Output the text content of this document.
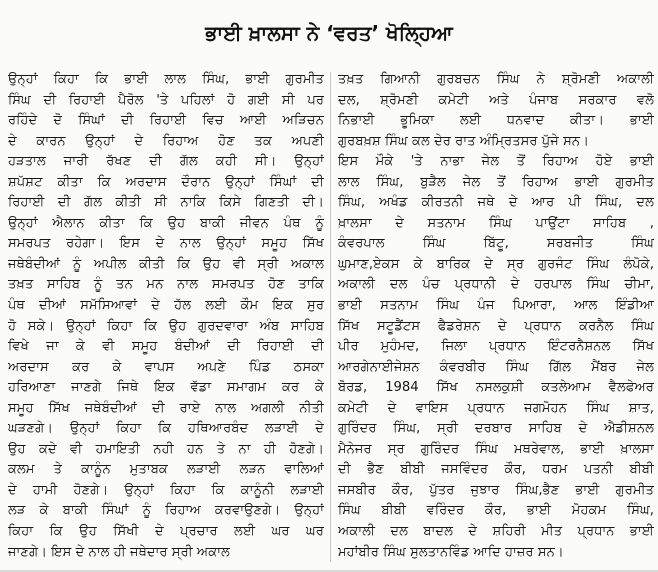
ਭਾਈ ਖ਼ਾਲਸਾ ਨੇ ‘ਵਰਤ’ ਖੋਲ੍ਹਿਆ
ਉਨ੍ਹਾਂ ਕਿਹਾ ਕਿ ਭਾਈ ਲਾਲ ਸਿੰਘ, ਭਾਈ ਗੁਰਮੀਤ
ਸਿੰਘ ਦੀ ਰਿਹਾਈ ਪੈਰੋਲ 'ਤੇ ਪਹਿਲਾਂ ਹੋ ਗਈ ਸੀ ਪਰ
ਰਹਿੰਦੇ ਦੋ ਸਿੰਘਾਂ ਦੀ ਰਿਹਾਈ ਵਿਚ ਆਈ ਅੜਿਚਨ
ਦੇ ਕਾਰਨ ਉਨ੍ਹਾਂ ਦੇ ਰਿਹਾਅ ਹੋਣ ਤਕ ਅਪਣੀ
ਹੜਤਾਲ ਜਾਰੀ ਰੱਖਣ ਦੀ ਗੱਲ ਕਹੀ ਸੀ। ਉਨ੍ਹਾਂ
ਸ਼ਪੱਸ਼ਟ ਕੀਤਾ ਕਿ ਅਰਦਾਸ ਦੌਰਾਨ ਉਨ੍ਹਾਂ ਸਿੰਘਾਂ ਦੀ
ਰਿਹਾਈ ਦੀ ਗੱਲ ਕੀਤੀ ਸੀ ਨਾਕਿ ਕਿਸੇ ਗਿਣਤੀ ਦੀ।
ਉਨ੍ਹਾਂ ਐਲਾਨ ਕੀਤਾ ਕਿ ਉਹ ਬਾਕੀ ਜੀਵਨ ਪੰਥ ਨੂੰ
ਸਮਰਪਤ ਰਹੇਗਾ। ਇਸ ਦੇ ਨਾਲ ਉਨ੍ਹਾਂ ਸਮੂਹ ਸਿੱਖ
ਜਥੇਬੰਦੀਆਂ ਨੂੰ ਅਪੀਲ ਕੀਤੀ ਕਿ ਉਹ ਵੀ ਸ੍ਰੀ ਅਕਾਲ
ਤਖ਼ਤ ਸਾਹਿਬ ਨੂੰ ਤਨ ਮਨ ਨਾਲ ਸਮਰਪਤ ਹੋਣ ਤਾਕਿ
ਪੰਥ ਦੀਆਂ ਸਮੱਸਿਆਵਾਂ ਦੇ ਹੱਲ ਲਈ ਕੌਮ ਇਕ ਸੁਰ
ਹੋ ਸਕੇ। ਉਨ੍ਹਾਂ ਕਿਹਾ ਕਿ ਉਹ ਗੁਰਦਵਾਰਾ ਅੰਬ ਸਾਹਿਬ
ਵਿਖੇ ਜਾ ਕੇ ਵੀ ਸਮੂਹ ਬੰਦੀਆਂ ਦੀ ਰਿਹਾਈ ਦੀ
ਅਰਦਾਸ ਕਰ ਕੇ ਵਾਪਸ ਅਪਣੇ ਪਿੰਡ ਠਸਕਾ
ਹਰਿਆਣਾ ਜਾਣਗੇ ਜਿਥੇ ਇਕ ਵੱਡਾ ਸਮਾਗਮ ਕਰ ਕੇ
ਸਮੂਹ ਸਿੱਖ ਜਥੇਬੰਦੀਆਂ ਦੀ ਰਾਏ ਨਾਲ ਅਗਲੀ ਨੀਤੀ
ਘੜਣਗੇ। ਉਨ੍ਹਾਂ ਕਿਹਾ ਕਿ ਹਥਿਆਰਬੰਦ ਲੜਾਈ ਦੇ
ਉਹ ਕਦੇ ਵੀ ਹਮਾਇਤੀ ਨਹੀ ਹਨ ਤੇ ਨਾ ਹੀ ਹੋਣਗੇ।
ਕਲਮ ਤੇ ਕਾਨੂੰਨ ਮੁਤਾਬਕ ਲੜਾਈ ਲੜਨ ਵਾਲਿਆਂ
ਦੇ ਹਾਮੀ ਹੋਣਗੇ। ਉਨ੍ਹਾਂ ਕਿਹਾ ਕਿ ਕਾਨੂੰਨੀ ਲੜਾਈ
ਲੜ ਕੇ ਬਾਕੀ ਸਿੰਘਾਂ ਨੂੰ ਰਿਹਾਅ ਕਰਵਾਉਣਗੇ। ਉਨ੍ਹਾਂ
ਕਿਹਾ ਕਿ ਉਹ ਸਿੱਖੀ ਦੇ ਪ੍ਰਚਾਰ ਲਈ ਘਰ ਘਰ
ਜਾਣਗੇ। ਇਸ ਦੇ ਨਾਲ ਹੀ ਜਥੇਦਾਰ ਸ੍ਰੀ ਅਕਾਲ
ਤਖ਼ਤ ਗਿਆਨੀ ਗੁਰਬਚਨ ਸਿੰਘ ਨੇ ਸ਼੍ਰੋਮਣੀ ਅਕਾਲੀ
ਦਲ, ਸ਼੍ਰੋਮਣੀ ਕਮੇਟੀ ਅਤੇ ਪੰਜਾਬ ਸਰਕਾਰ ਵਲੋ
ਨਿਭਾਈ ਭੂਮਿਕਾ ਲਈ ਧਨਵਾਦ ਕੀਤਾ। ਭਾਈ
ਗੁਰਬਖ਼ਸ਼ ਸਿੰਘ ਕਲ ਦੇਰ ਰਾਤ ਅੰਮ੍ਰਿਤਸਰ ਪੁੱਜੇ ਸਨ।
ਇਸ ਮੌਕੇ 'ਤੇ ਨਾਭਾ ਜੇਲ ਤੋਂ ਰਿਹਾਅ ਹੋਏ ਭਾਈ
ਲਾਲ ਸਿੰਘ, ਬੁੜੈਲ ਜੇਲ ਤੋਂ ਰਿਹਾਅ ਭਾਈ ਗੁਰਮੀਤ
ਸਿੰਘ, ਅਖੰਡ ਕੀਰਤਨੀ ਜਥੇ ਦੇ ਆਰ ਪੀ ਸਿੰਘ, ਦਲ
ਖ਼ਾਲਸਾ ਦੇ ਸਤਨਾਮ ਸਿੰਘ ਪਾਉਂਟਾ ਸਾਹਿਬ ,
ਕੰਵਰਪਾਲ ਸਿੰਘ ਬਿੱਟੂ, ਸਰਬਜੀਤ ਸਿੰਘ
ਘੁਮਾਣ,ਏਕਸ ਕੇ ਬਾਰਿਕ ਦੇ ਸ੍ਰ ਗੁਰਜੰਟ ਸਿੰਘ ਲੰਪੋਕੇ,
ਅਕਾਲੀ ਦਲ ਪੰਚ ਪ੍ਰਧਾਨੀ ਦੇ ਹਰਪਾਲ ਸਿੰਘ ਚੀਮਾ,
ਭਾਈ ਸਤਨਾਮ ਸਿੰਘ ਪੰਜ ਪਿਆਰਾ, ਆਲ ਇੰਡੀਆ
ਸਿੱਖ ਸਟੂਡੈਂਟਸ ਫੈਡਰੇਸ਼ਨ ਦੇ ਪ੍ਰਧਾਨ ਕਰਨੈਲ ਸਿੰਘ
ਪੀਰ ਮੁਹੰਮਦ, ਜਿਲਾ ਪ੍ਰਧਾਨ ਇੰਟਰਨੈਸ਼ਨਲ ਸਿੱਖ
ਆਰਗੇਨਾਈਜੇਸ਼ਨ ਕੰਵਰਬੀਰ ਸਿੰਘ ਗਿੱਲ ਮੈਂਬਰ ਜੇਲ
ਬੋਰਡ, 1984 ਸਿੱਖ ਨਸਲਕੁਸ਼ੀ ਕਤਲੇਆਮ ਵੈਲਫੇਅਰ
ਕਮੇਟੀ ਦੇ ਵਾਇਸ ਪ੍ਰਧਾਨ ਜਗਮੋਹਨ ਸਿੰਘ ਸ਼ਾਤ,
ਗੁਰਿੰਦਰ ਸਿੰਘ, ਸ੍ਰੀ ਦਰਬਾਰ ਸਾਹਿਬ ਦੇ ਐਡੀਸ਼ਨਲ
ਮੈਨੇਜਰ ਸ੍ਰ ਗੁਰਿੰਦਰ ਸਿੰਘ ਮਥਰੇਵਾਲ, ਭਾਈ ਖ਼ਾਲਸਾ
ਦੀ ਭੈਣ ਬੀਬੀ ਜਸਵਿੰਦਰ ਕੌਰ, ਧਰਮ ਪਤਨੀ ਬੀਬੀ
ਜਸਬੀਰ ਕੌਰ, ਪੁੱਤਰ ਜੁਝਾਰ ਸਿੰਘ,ਭੈਣ ਭਾਈ ਗੁਰਮੀਤ
ਸਿੰਘ ਬੀਬੀ ਵਰਿੰਦਰ ਕੌਰ, ਭਾਈ ਮੋਹਕਮ ਸਿੰਘ,
ਅਕਾਲੀ ਦਲ ਬਾਦਲ ਦੇ ਸ਼ਹਿਰੀ ਮੀਤ ਪ੍ਰਧਾਨ ਭਾਈ
ਮਹਾਂਬੀਰ ਸਿੰਘ ਸੁਲਤਾਨਵਿੰਡ ਆਦਿ ਹਾਜ਼ਰ ਸਨ।
